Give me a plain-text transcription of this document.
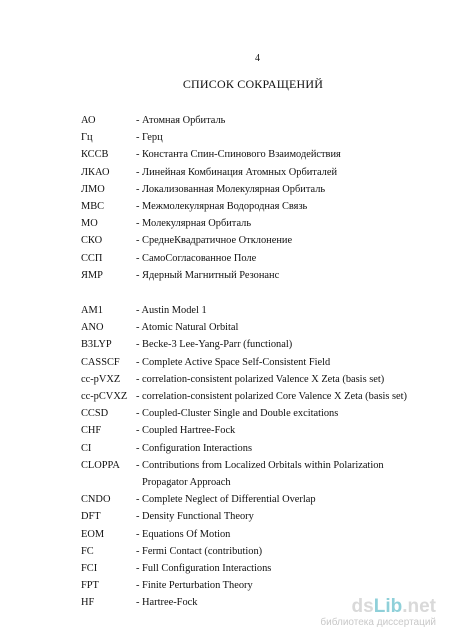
4
СПИСОК СОКРАЩЕНИЙ
АО	- Атомная Орбиталь
Гц	- Герц
КССВ	- Константа Спин-Спинового Взаимодействия
ЛКАО	- Линейная Комбинация Атомных Орбиталей
ЛМО	- Локализованная Молекулярная Орбиталь
МВС	- Межмолекулярная Водородная Связь
МО	- Молекулярная Орбиталь
СКО	- СреднеКвадратичное Отклонение
ССП	- СамоСогласованное Поле
ЯМР	- Ядерный Магнитный Резонанс
AM1	- Austin Model 1
ANO	- Atomic Natural Orbital
B3LYP	- Becke-3 Lee-Yang-Parr (functional)
CASSCF	- Complete Active Space Self-Consistent Field
cc-pVXZ	- correlation-consistent polarized Valence X Zeta (basis set)
cc-pCVXZ - correlation-consistent polarized Core Valence X Zeta (basis set)
CCSD	- Coupled-Cluster Single and Double excitations
CHF	- Coupled Hartree-Fock
CI	- Configuration Interactions
CLOPPA	- Contributions from Localized Orbitals within Polarization
Propagator Approach
CNDO	- Complete Neglect of Differential Overlap
DFT	- Density Functional Theory
EOM	- Equations Of Motion
FC	- Fermi Contact (contribution)
FCI	- Full Configuration Interactions
FPT	- Finite Perturbation Theory
HF	- Hartree-Fock	dsLib.net
библиотека диссертаций
